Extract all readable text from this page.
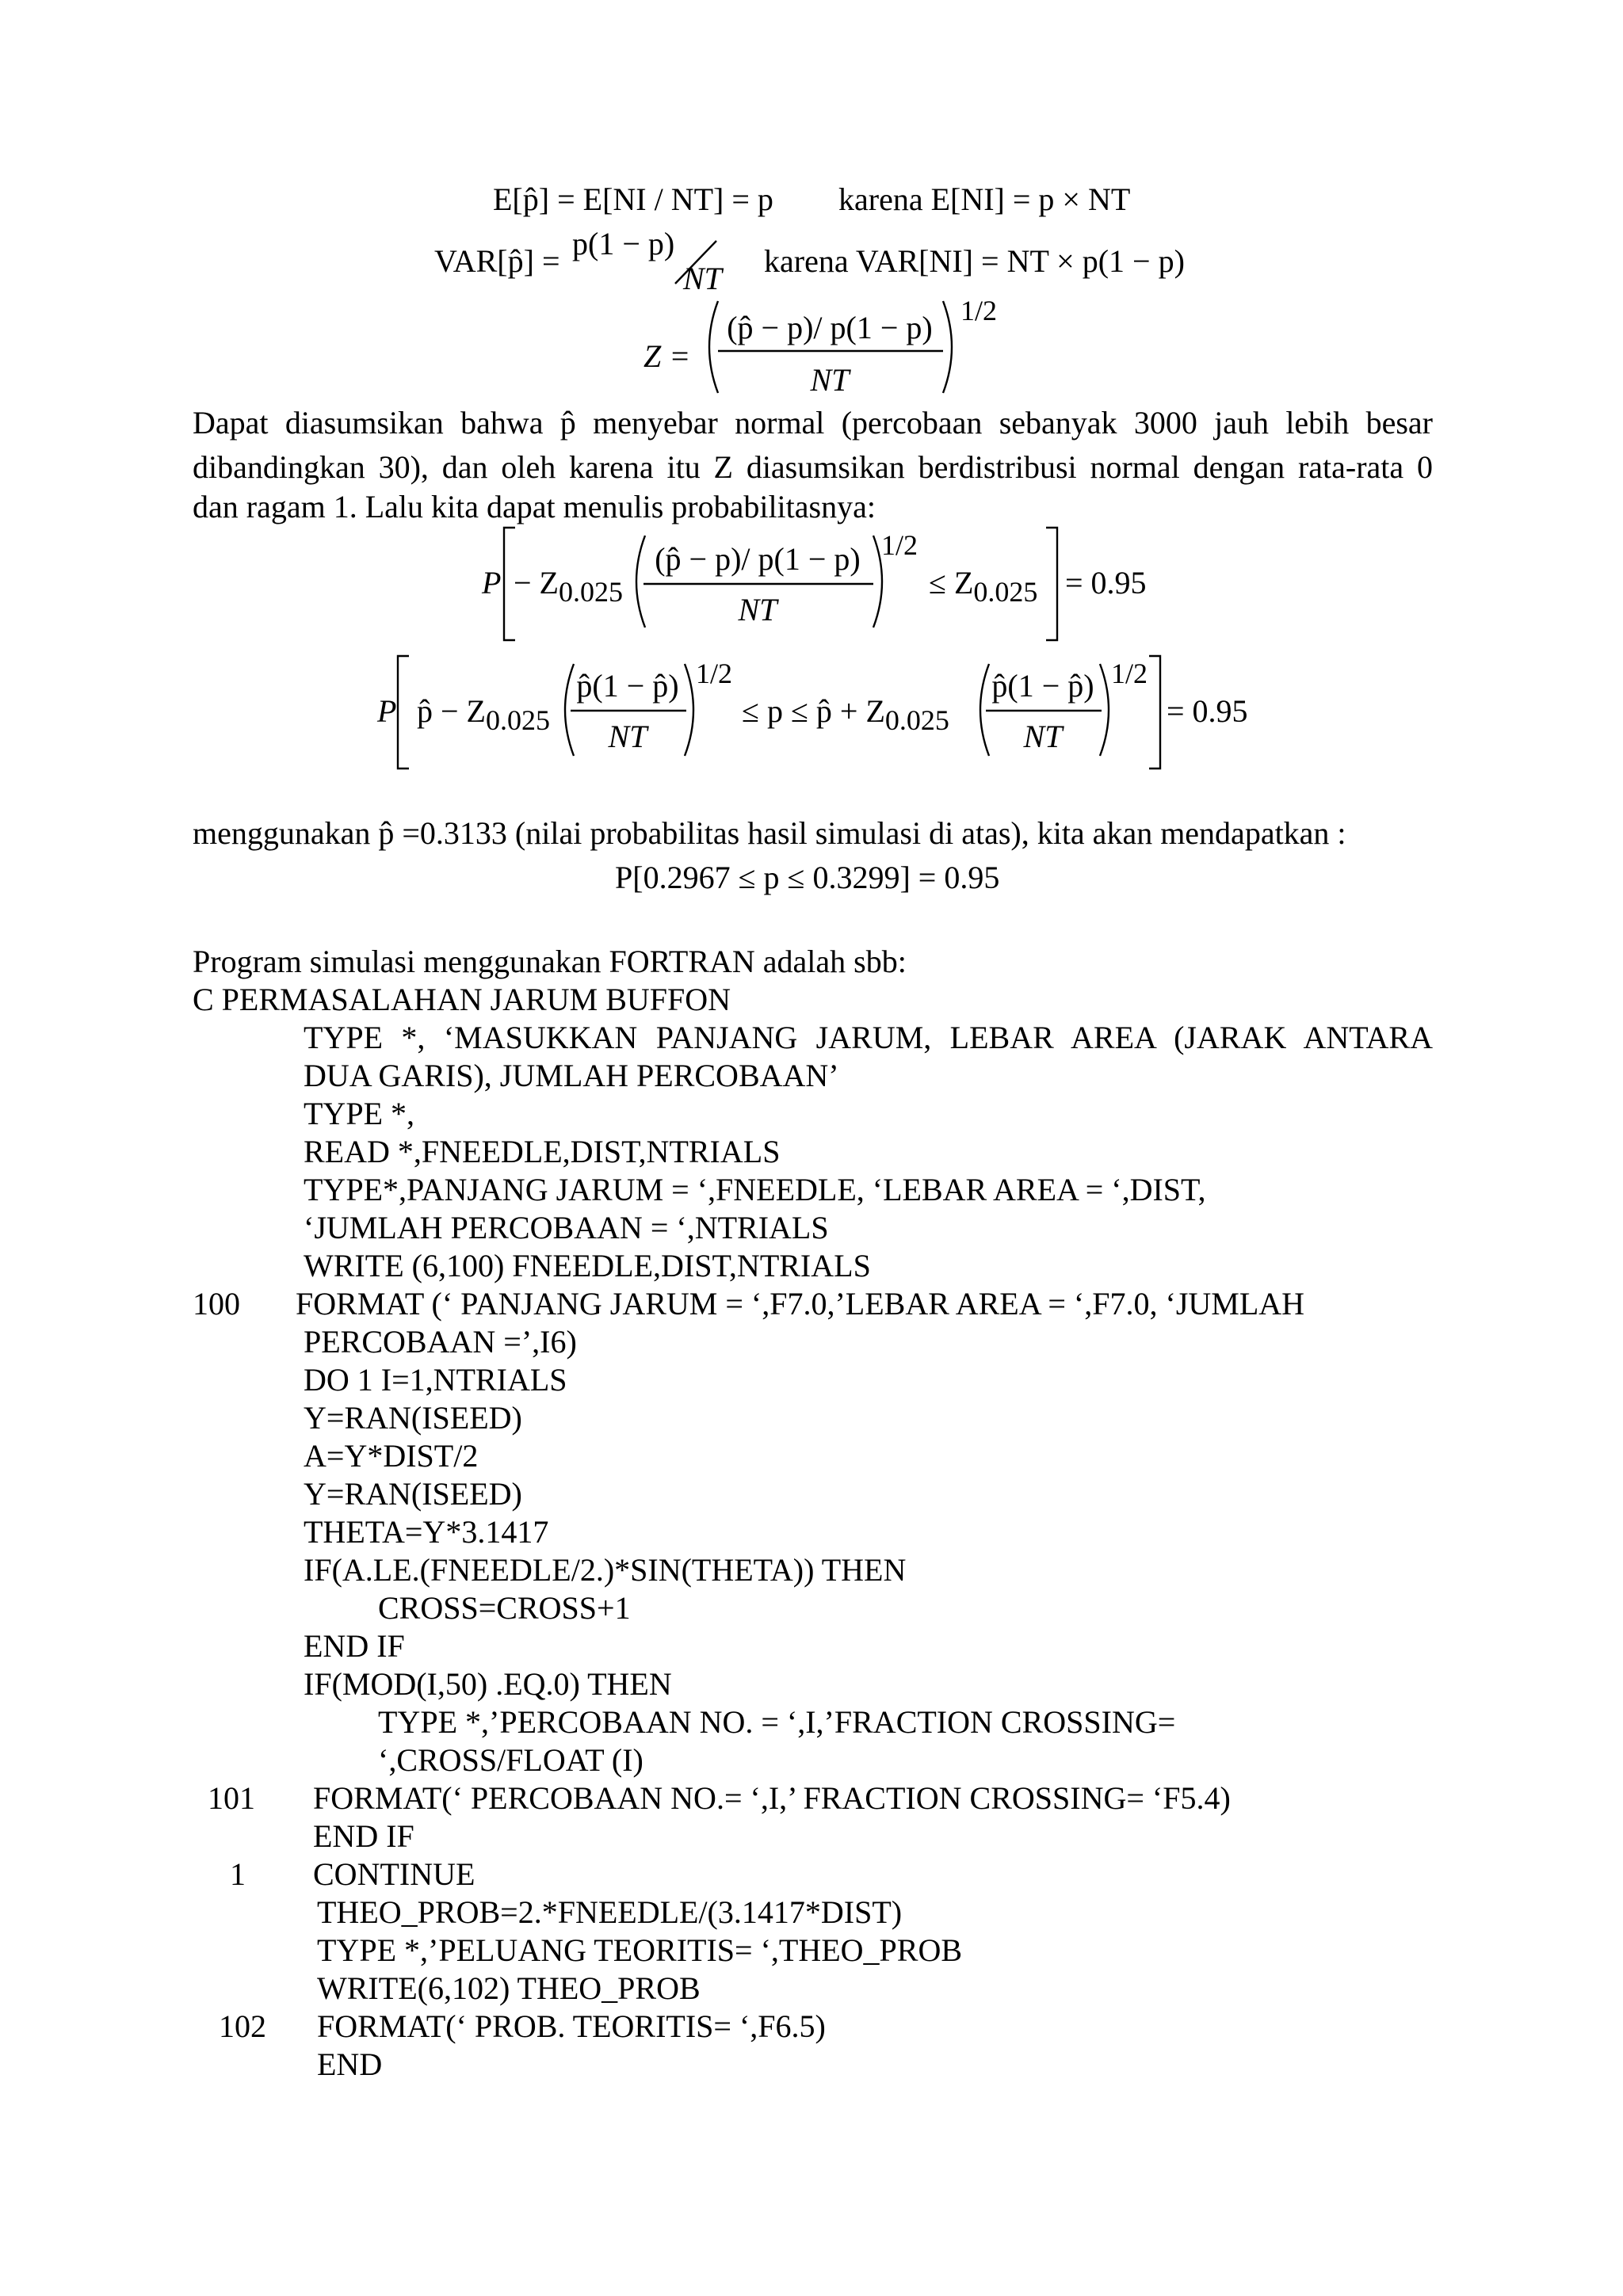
E[p̂] = E[NI / NT] = p karena E[NI] = p × NT
VAR[p̂] = p(1 − p)
NT karena VAR[NI] = NT × p(1 − p)
Z =
(p̂ − p)/ p(1 − p)
NT
1/2
Dapat diasumsikan bahwa p̂ menyebar normal (percobaan sebanyak 3000 jauh lebih besar
dibandingkan 30), dan oleh karena itu Z diasumsikan berdistribusi normal dengan rata-rata 0
dan ragam 1. Lalu kita dapat menulis probabilitasnya:
P − Z0.025
(p̂ − p)/ p(1 − p)
NT
1/2
≤ Z0.025 = 0.95
P p̂ − Z0.025
p̂(1 − p̂)
NT
1/2
≤ p ≤ p̂ + Z0.025
p̂(1 − p̂)
NT
1/2
= 0.95
menggunakan p̂ =0.3133 (nilai probabilitas hasil simulasi di atas), kita akan mendapatkan :
P[0.2967 ≤ p ≤ 0.3299] = 0.95
Program simulasi menggunakan FORTRAN adalah sbb:
C PERMASALAHAN JARUM BUFFON
TYPE *, ‘MASUKKAN PANJANG JARUM, LEBAR AREA (JARAK ANTARA
DUA GARIS), JUMLAH PERCOBAAN’
TYPE *,
READ *,FNEEDLE,DIST,NTRIALS
TYPE*,PANJANG JARUM = ‘,FNEEDLE, ‘LEBAR AREA = ‘,DIST,
‘JUMLAH PERCOBAAN = ‘,NTRIALS
WRITE (6,100) FNEEDLE,DIST,NTRIALS
100 FORMAT (‘ PANJANG JARUM = ‘,F7.0,’LEBAR AREA = ‘,F7.0, ‘JUMLAH
PERCOBAAN =’,I6)
DO 1 I=1,NTRIALS
Y=RAN(ISEED)
A=Y*DIST/2
Y=RAN(ISEED)
THETA=Y*3.1417
IF(A.LE.(FNEEDLE/2.)*SIN(THETA)) THEN
CROSS=CROSS+1
END IF
IF(MOD(I,50) .EQ.0) THEN
TYPE *,’PERCOBAAN NO. = ‘,I,’FRACTION CROSSING=
‘,CROSS/FLOAT (I)
101 FORMAT(‘ PERCOBAAN NO.= ‘,I,’ FRACTION CROSSING= ‘F5.4)
END IF
1 CONTINUE
THEO_PROB=2.*FNEEDLE/(3.1417*DIST)
TYPE *,’PELUANG TEORITIS= ‘,THEO_PROB
WRITE(6,102) THEO_PROB
102 FORMAT(‘ PROB. TEORITIS= ‘,F6.5)
END
